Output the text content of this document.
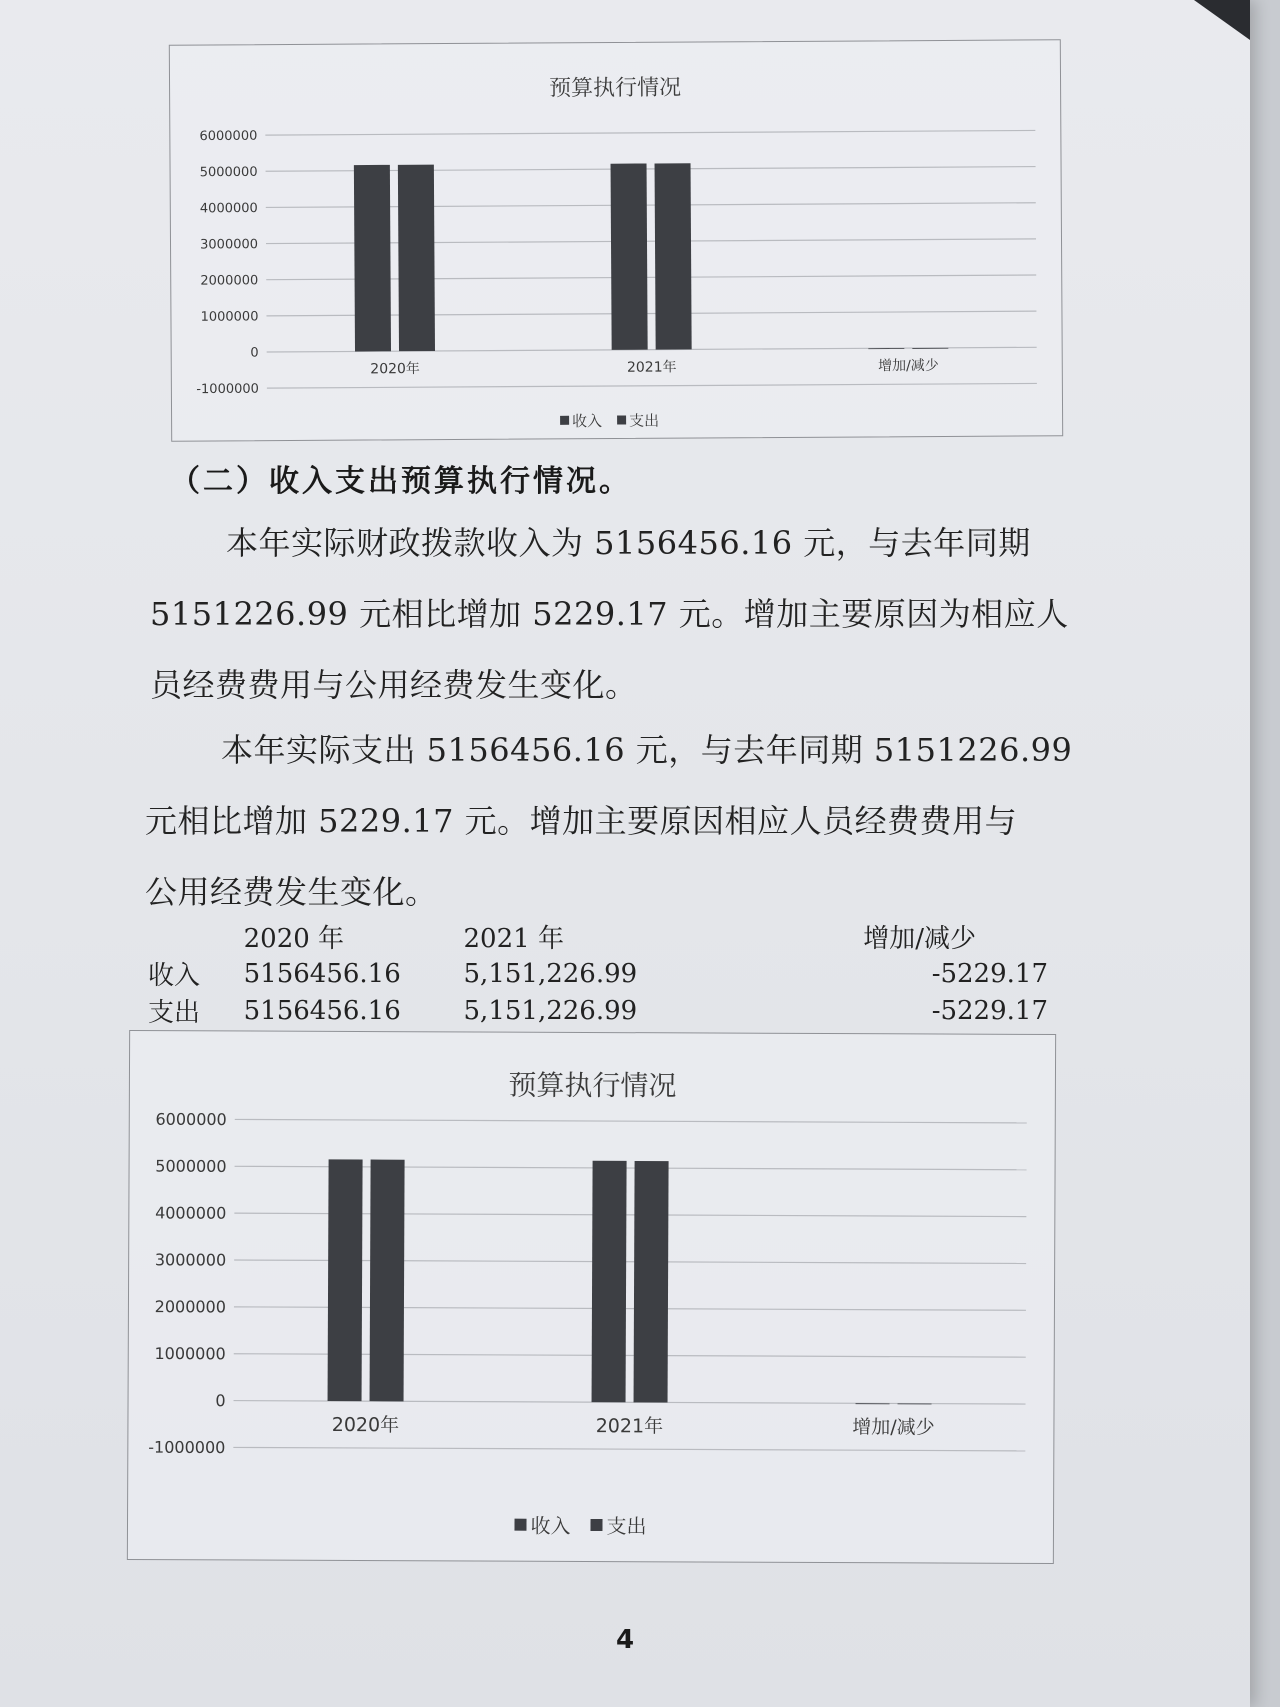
预算执行情况
6000000
5000000
4000000
3000000
2000000
1000000
0
-1000000
2020年	2021年	增加/减少
收入 支出
（二）收入支出预算执行情况。
本年实际财政拨款收入为 5156456.16 元，与去年同期
5151226.99 元相比增加 5229.17 元。增加主要原因为相应人
员经费费用与公用经费发生变化。
本年实际支出 5156456.16 元，与去年同期 5151226.99
元相比增加 5229.17 元。增加主要原因相应人员经费费用与
公用经费发生变化。
	2020 年	2021 年	增加/减少
收入	5156456.16	5,151,226.99	-5229.17
支出	5156456.16	5,151,226.99	-5229.17
预算执行情况
6000000
5000000
4000000
3000000
2000000
1000000
0
-1000000
2020年	2021年	增加/减少
收入 支出
4
